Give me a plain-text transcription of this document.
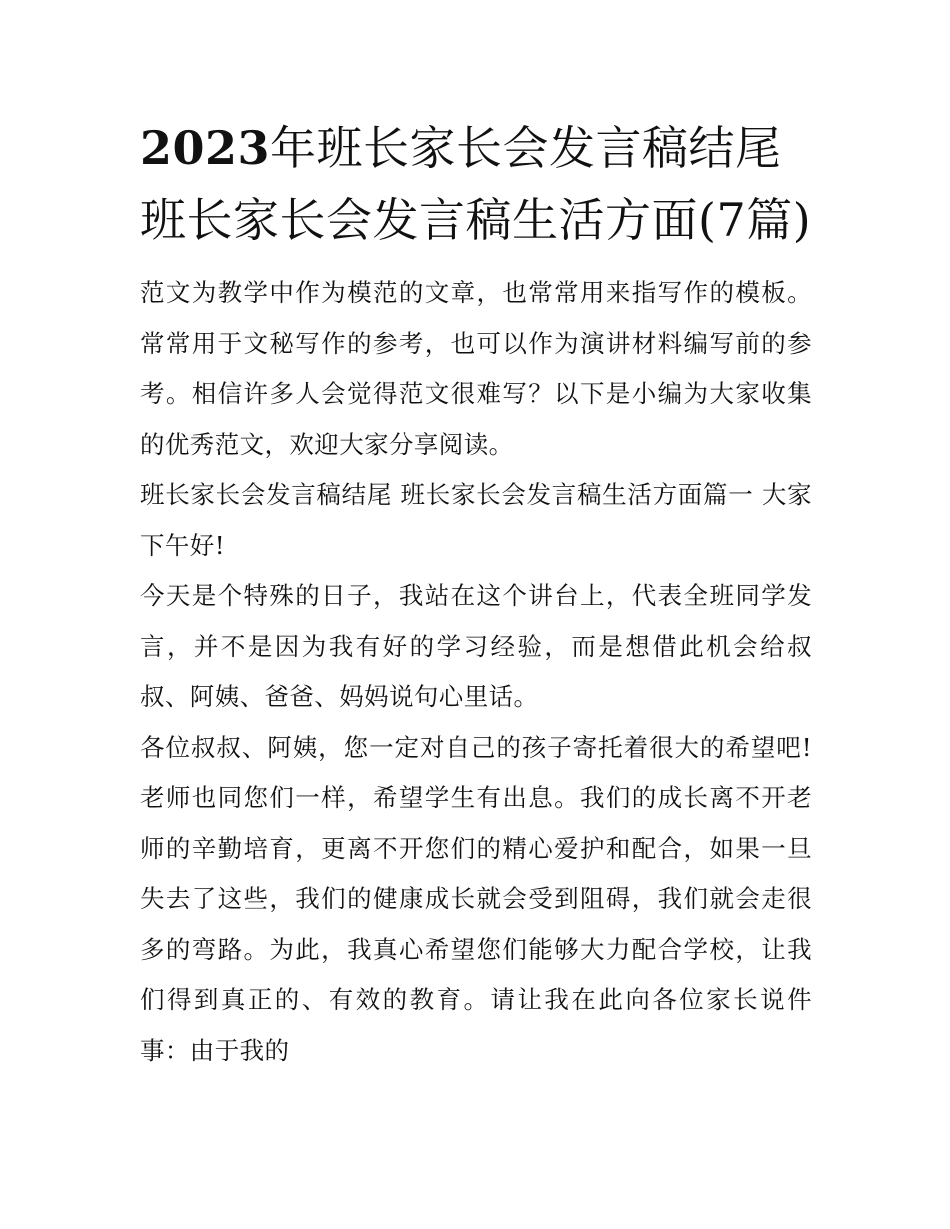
2023年班长家长会发言稿结尾 班长家长会发言稿生活方面(7篇)

范文为教学中作为模范的文章，也常常用来指写作的模板。常常用于文秘写作的参考，也可以作为演讲材料编写前的参考。相信许多人会觉得范文很难写？以下是小编为大家收集的优秀范文，欢迎大家分享阅读。

班长家长会发言稿结尾 班长家长会发言稿生活方面篇一 大家下午好!

今天是个特殊的日子，我站在这个讲台上，代表全班同学发言，并不是因为我有好的学习经验，而是想借此机会给叔叔、阿姨、爸爸、妈妈说句心里话。

各位叔叔、阿姨，您一定对自己的孩子寄托着很大的希望吧!老师也同您们一样，希望学生有出息。我们的成长离不开老师的辛勤培育，更离不开您们的精心爱护和配合，如果一旦失去了这些，我们的健康成长就会受到阻碍，我们就会走很多的弯路。为此，我真心希望您们能够大力配合学校，让我们得到真正的、有效的教育。请让我在此向各位家长说件事：由于我的
